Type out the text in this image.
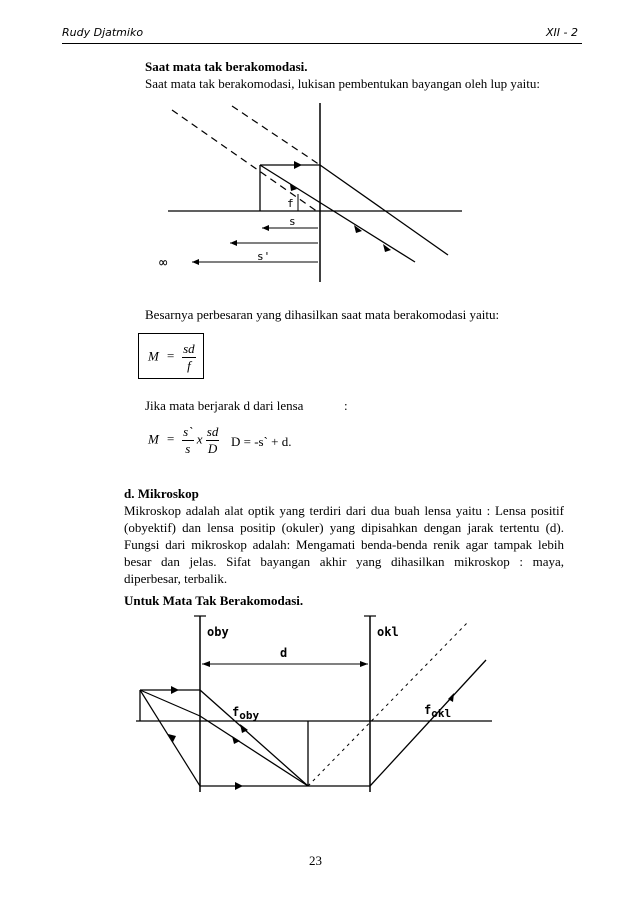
Rudy Djatmiko	XII - 2
Saat mata tak berakomodasi.
Saat mata tak berakomodasi, lukisan pembentukan bayangan oleh lup yaitu:
f
s
s'
∞
Besarnya perbesaran yang dihasilkan saat mata berakomodasi yaitu:
$M = \frac{sd}{f}$
Jika mata berjarak d dari lensa	:
$M = \frac{s`}{s}$ x $\frac{sd}{D}$ D = -s` + d.
d. Mikroskop
Mikroskop adalah alat optik yang terdiri dari dua buah lensa yaitu : Lensa positif
(obyektif) dan lensa positip (okuler) yang dipisahkan dengan jarak tertentu (d).
Fungsi dari mikroskop adalah: Mengamati benda-benda renik agar tampak lebih
besar dan jelas. Sifat bayangan akhir yang dihasilkan mikroskop : maya,
diperbesar, terbalik.
Untuk Mata Tak Berakomodasi.
oby	okl
d
foby	fokl
23
